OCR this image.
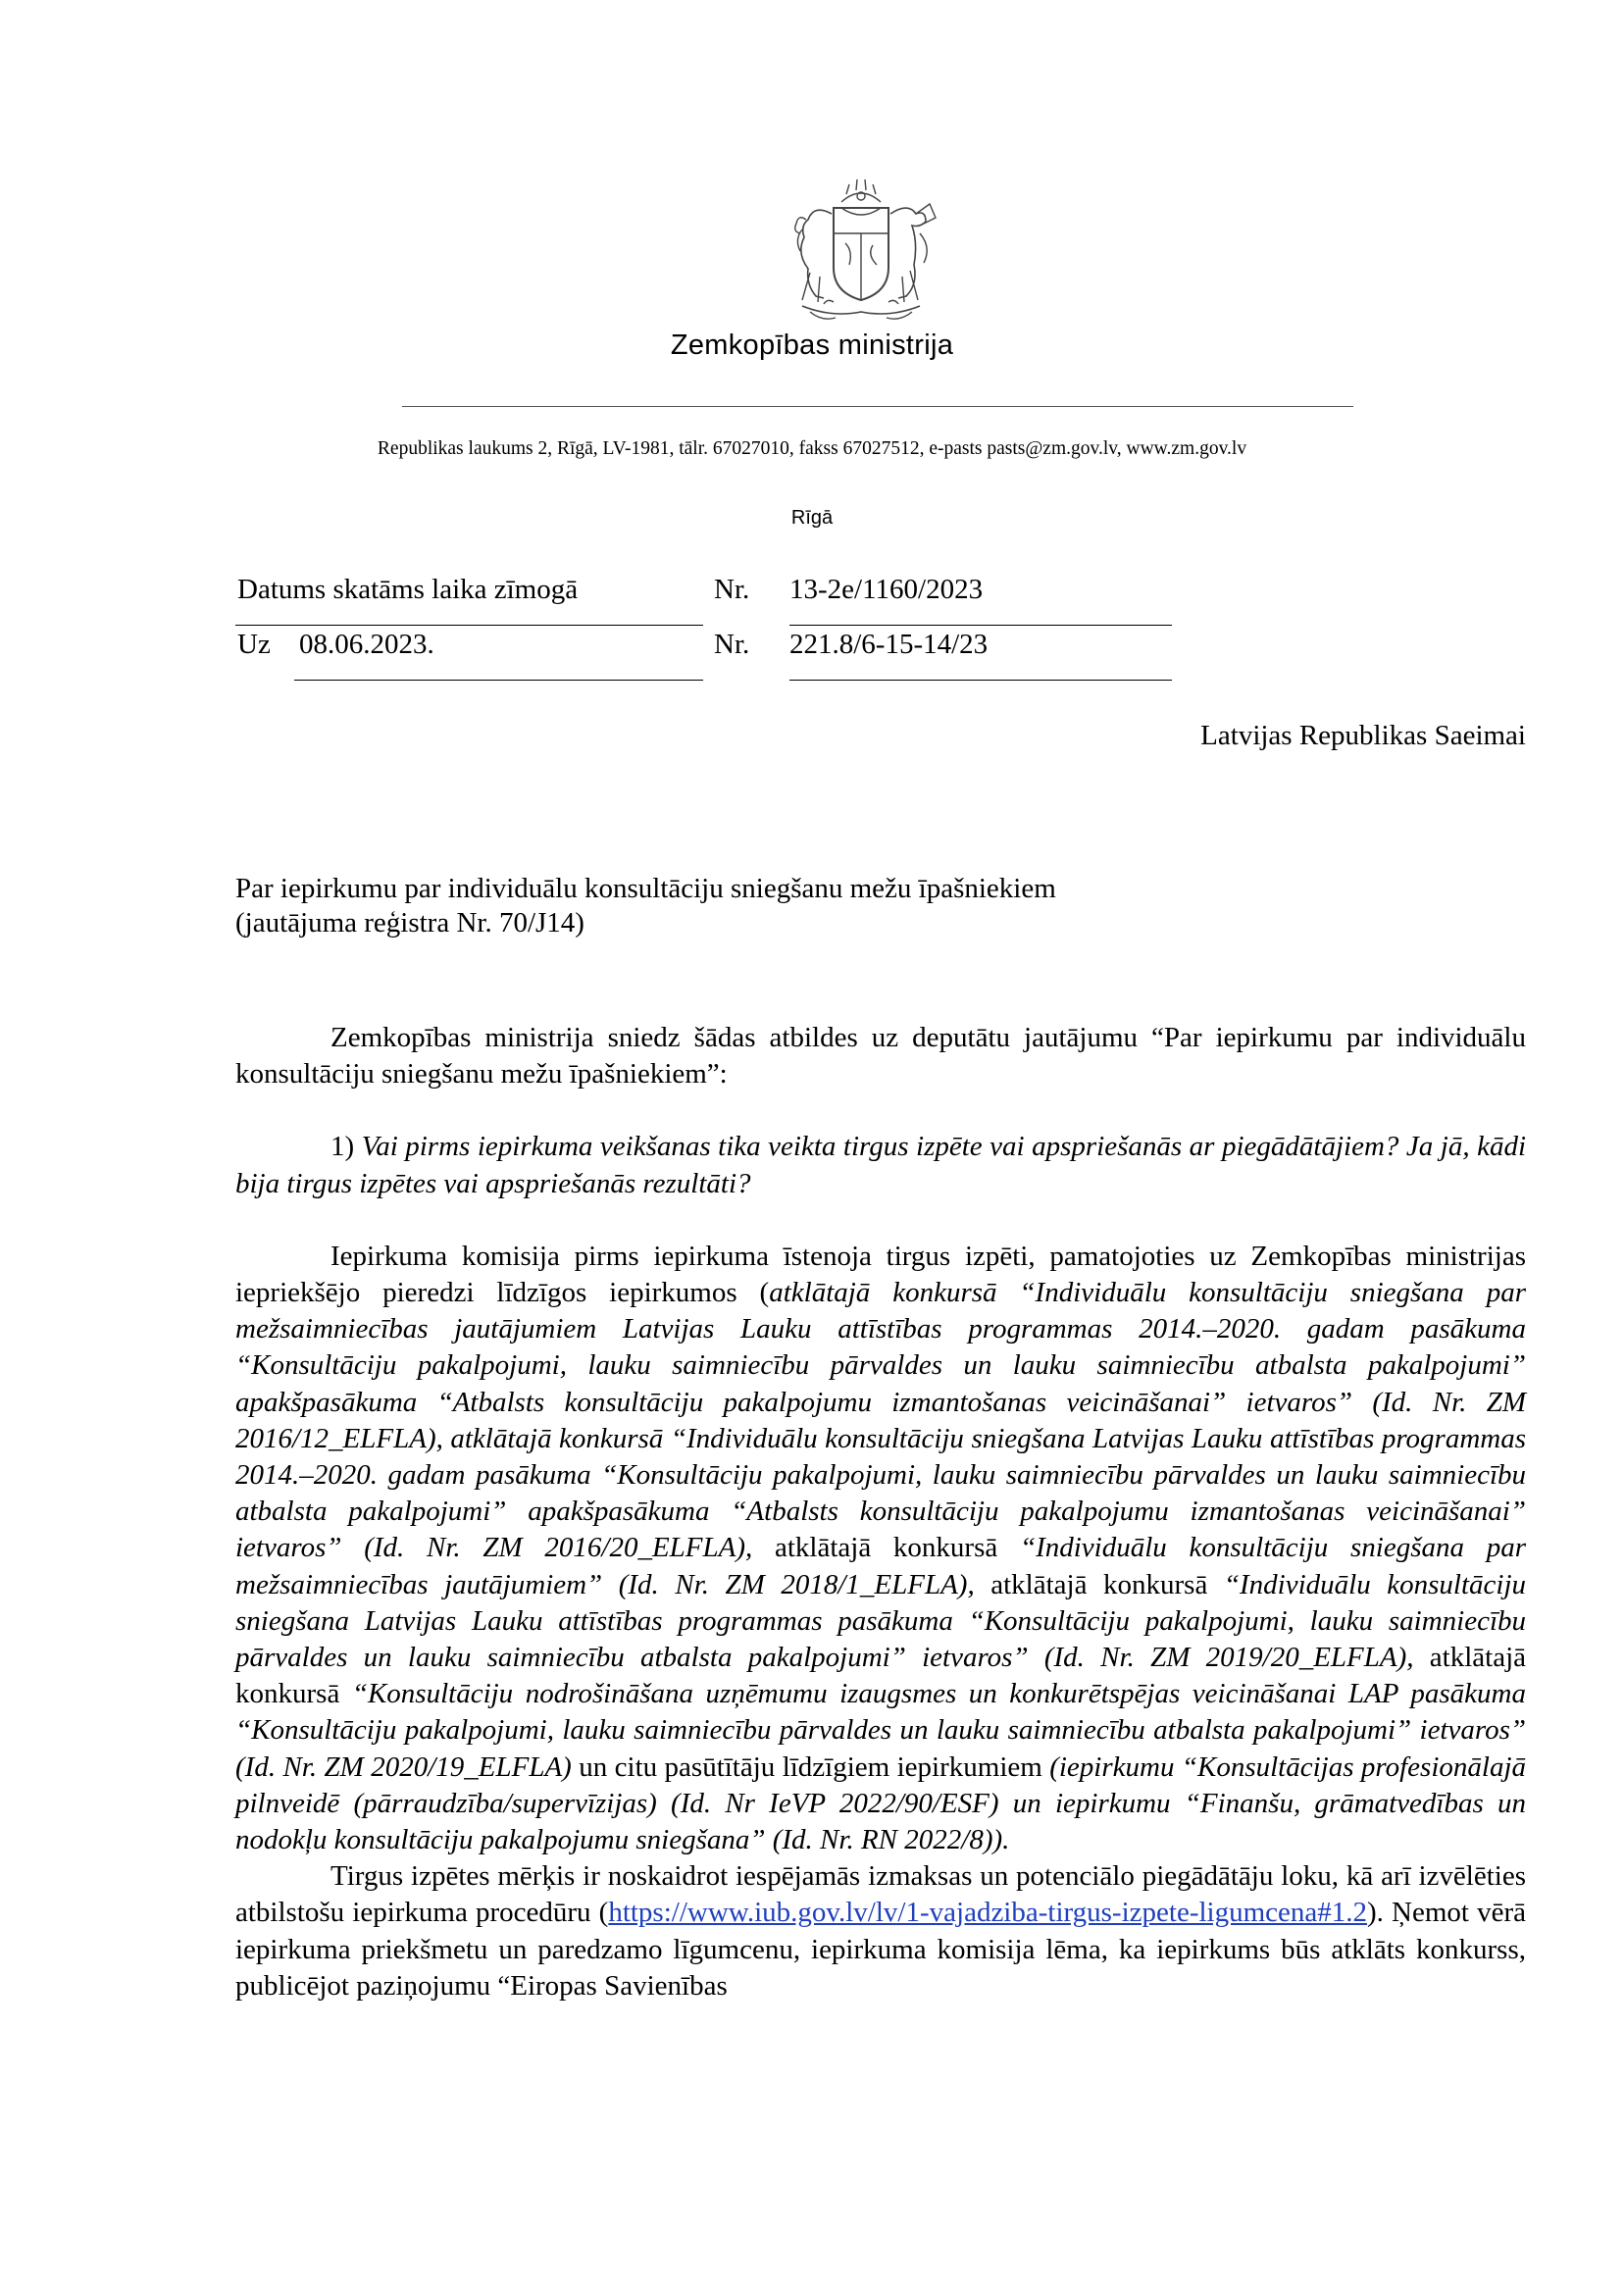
Zemkopības ministrija
Republikas laukums 2, Rīgā, LV-1981, tālr. 67027010, fakss 67027512, e-pasts pasts@zm.gov.lv, www.zm.gov.lv
Rīgā
Datums skatāms laika zīmogā	Nr. 13-2e/1160/2023
Uz 08.06.2023.	Nr. 221.8/6-15-14/23
Latvijas Republikas Saeimai
Par iepirkumu par individuālu konsultāciju sniegšanu mežu īpašniekiem
(jautājuma reģistra Nr. 70/J14)

Zemkopības ministrija sniedz šādas atbildes uz deputātu jautājumu “Par iepirkumu par individuālu konsultāciju sniegšanu mežu īpašniekiem”:

1) Vai pirms iepirkuma veikšanas tika veikta tirgus izpēte vai apspriešanās ar piegādātājiem? Ja jā, kādi bija tirgus izpētes vai apspriešanās rezultāti?

Iepirkuma komisija pirms iepirkuma īstenoja tirgus izpēti, pamatojoties uz Zemkopības ministrijas iepriekšējo pieredzi līdzīgos iepirkumos (atklātajā konkursā “Individuālu konsultāciju sniegšana par mežsaimniecības jautājumiem Latvijas Lauku attīstības programmas 2014.–2020. gadam pasākuma “Konsultāciju pakalpojumi, lauku saimniecību pārvaldes un lauku saimniecību atbalsta pakalpojumi” apakšpasākuma “Atbalsts konsultāciju pakalpojumu izmantošanas veicināšanai” ietvaros” (Id. Nr. ZM 2016/12_ELFLA), atklātajā konkursā “Individuālu konsultāciju sniegšana Latvijas Lauku attīstības programmas 2014.–2020. gadam pasākuma “Konsultāciju pakalpojumi, lauku saimniecību pārvaldes un lauku saimniecību atbalsta pakalpojumi” apakšpasākuma “Atbalsts konsultāciju pakalpojumu izmantošanas veicināšanai” ietvaros” (Id. Nr. ZM 2016/20_ELFLA), atklātajā konkursā “Individuālu konsultāciju sniegšana par mežsaimniecības jautājumiem” (Id. Nr. ZM 2018/1_ELFLA), atklātajā konkursā “Individuālu konsultāciju sniegšana Latvijas Lauku attīstības programmas pasākuma “Konsultāciju pakalpojumi, lauku saimniecību pārvaldes un lauku saimniecību atbalsta pakalpojumi” ietvaros” (Id. Nr. ZM 2019/20_ELFLA), atklātajā konkursā “Konsultāciju nodrošināšana uzņēmumu izaugsmes un konkurētspējas veicināšanai LAP pasākuma “Konsultāciju pakalpojumi, lauku saimniecību pārvaldes un lauku saimniecību atbalsta pakalpojumi” ietvaros” (Id. Nr. ZM 2020/19_ELFLA) un citu pasūtītāju līdzīgiem iepirkumiem (iepirkumu “Konsultācijas profesionālajā pilnveidē (pārraudzība/supervīzijas) (Id. Nr IeVP 2022/90/ESF) un iepirkumu “Finanšu, grāmatvedības un nodokļu konsultāciju pakalpojumu sniegšana” (Id. Nr. RN 2022/8)).

Tirgus izpētes mērķis ir noskaidrot iespējamās izmaksas un potenciālo piegādātāju loku, kā arī izvēlēties atbilstošu iepirkuma procedūru (https://www.iub.gov.lv/lv/1-vajadziba-tirgus-izpete-ligumcena#1.2). Ņemot vērā iepirkuma priekšmetu un paredzamo līgumcenu, iepirkuma komisija lēma, ka iepirkums būs atklāts konkurss, publicējot paziņojumu “Eiropas Savienības
